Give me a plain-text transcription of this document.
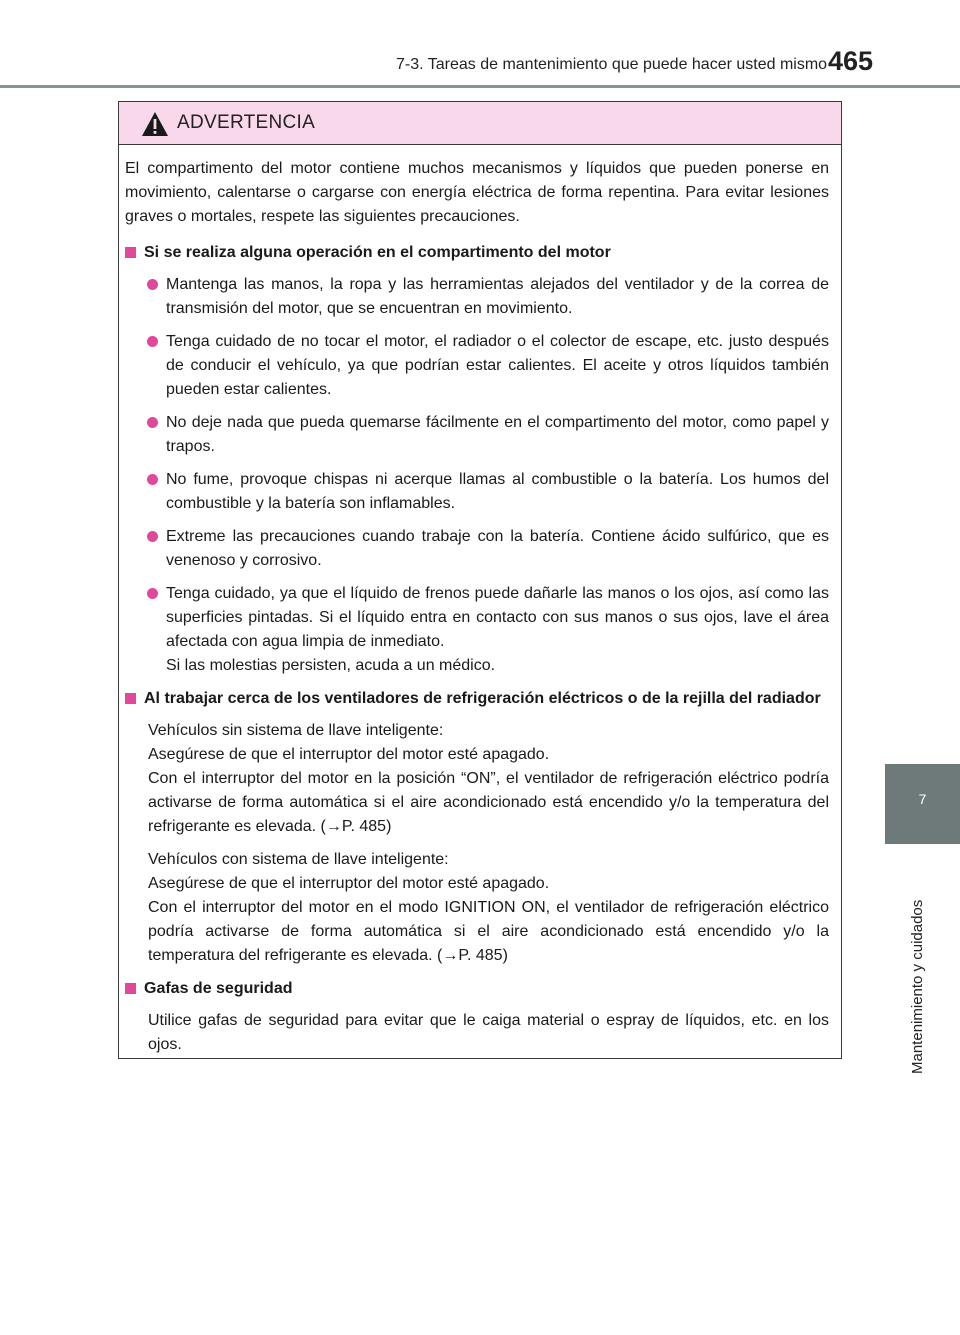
7-3. Tareas de mantenimiento que puede hacer usted mismo 465
7
Mantenimiento y cuidados
ADVERTENCIA

El compartimento del motor contiene muchos mecanismos y líquidos que pueden ponerse en movimiento, calentarse o cargarse con energía eléctrica de forma repentina. Para evitar lesiones graves o mortales, respete las siguientes precauciones.

Si se realiza alguna operación en el compartimento del motor
Mantenga las manos, la ropa y las herramientas alejados del ventilador y de la correa de transmisión del motor, que se encuentran en movimiento.
Tenga cuidado de no tocar el motor, el radiador o el colector de escape, etc. justo después de conducir el vehículo, ya que podrían estar calientes. El aceite y otros líquidos también pueden estar calientes.
No deje nada que pueda quemarse fácilmente en el compartimento del motor, como papel y trapos.
No fume, provoque chispas ni acerque llamas al combustible o la batería. Los humos del combustible y la batería son inflamables.
Extreme las precauciones cuando trabaje con la batería. Contiene ácido sulfúrico, que es venenoso y corrosivo.
Tenga cuidado, ya que el líquido de frenos puede dañarle las manos o los ojos, así como las superficies pintadas. Si el líquido entra en contacto con sus manos o sus ojos, lave el área afectada con agua limpia de inmediato.
Si las molestias persisten, acuda a un médico.
Al trabajar cerca de los ventiladores de refrigeración eléctricos o de la rejilla del radiador
Vehículos sin sistema de llave inteligente:
Asegúrese de que el interruptor del motor esté apagado.
Con el interruptor del motor en la posición “ON”, el ventilador de refrigeración eléctrico podría activarse de forma automática si el aire acondicionado está encendido y/o la temperatura del refrigerante es elevada. (→P. 485)
Vehículos con sistema de llave inteligente:
Asegúrese de que el interruptor del motor esté apagado.
Con el interruptor del motor en el modo IGNITION ON, el ventilador de refrigeración eléctrico podría activarse de forma automática si el aire acondicionado está encendido y/o la temperatura del refrigerante es elevada. (→P. 485)
Gafas de seguridad
Utilice gafas de seguridad para evitar que le caiga material o espray de líquidos, etc. en los ojos.
